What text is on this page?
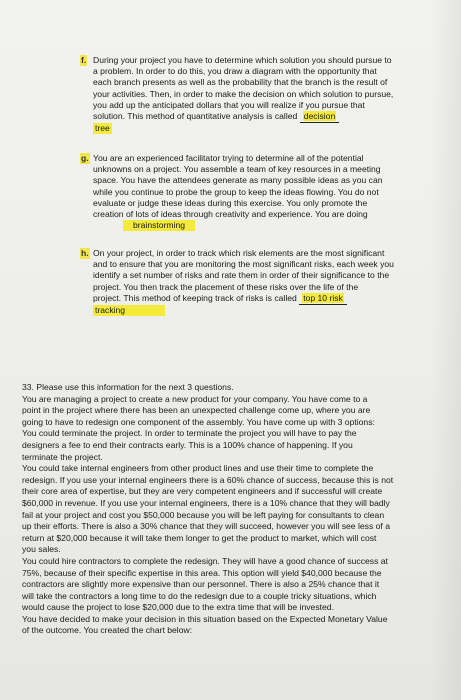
f. During your project you have to determine which solution you should pursue to
a problem. In order to do this, you draw a diagram with the opportunity that
each branch presents as well as the probability that the branch is the result of
your activities. Then, in order to make the decision on which solution to pursue,
you add up the anticipated dollars that you will realize if you pursue that
solution. This method of quantitative analysis is called decision
tree
g. You are an experienced facilitator trying to determine all of the potential
unknowns on a project. You assemble a team of key resources in a meeting
space. You have the attendees generate as many possible ideas as you can
while you continue to probe the group to keep the ideas flowing. You do not
evaluate or judge these ideas during this exercise. You only promote the
creation of lots of ideas through creativity and experience. You are doing
brainstorming
h. On your project, in order to track which risk elements are the most significant
and to ensure that you are monitoring the most significant risks, each week you
identify a set number of risks and rate them in order of their significance to the
project. You then track the placement of these risks over the life of the
project. This method of keeping track of risks is called top 10 risk
tracking

33. Please use this information for the next 3 questions.

You are managing a project to create a new product for your company. You have come to a

point in the project where there has been an unexpected challenge come up, where you are

going to have to redesign one component of the assembly. You have come up with 3 options:

You could terminate the project. In order to terminate the project you will have to pay the

designers a fee to end their contracts early. This is a 100% chance of happening. If you

terminate the project.

You could take internal engineers from other product lines and use their time to complete the

redesign. If you use your internal engineers there is a 60% chance of success, because this is not

their core area of expertise, but they are very competent engineers and if successful will create

$60,000 in revenue. If you use your internal engineers, there is a 10% chance that they will badly

fail at your project and cost you $50,000 because you will be left paying for consultants to clean

up their efforts. There is also a 30% chance that they will succeed, however you will see less of a

return at $20,000 because it will take them longer to get the product to market, which will cost

you sales.

You could hire contractors to complete the redesign. They will have a good chance of success at

75%, because of their specific expertise in this area. This option will yield $40,000 because the

contractors are slightly more expensive than our personnel. There is also a 25% chance that it

will take the contractors a long time to do the redesign due to a couple tricky situations, which

would cause the project to lose $20,000 due to the extra time that will be invested.

You have decided to make your decision in this situation based on the Expected Monetary Value

of the outcome. You created the chart below:
